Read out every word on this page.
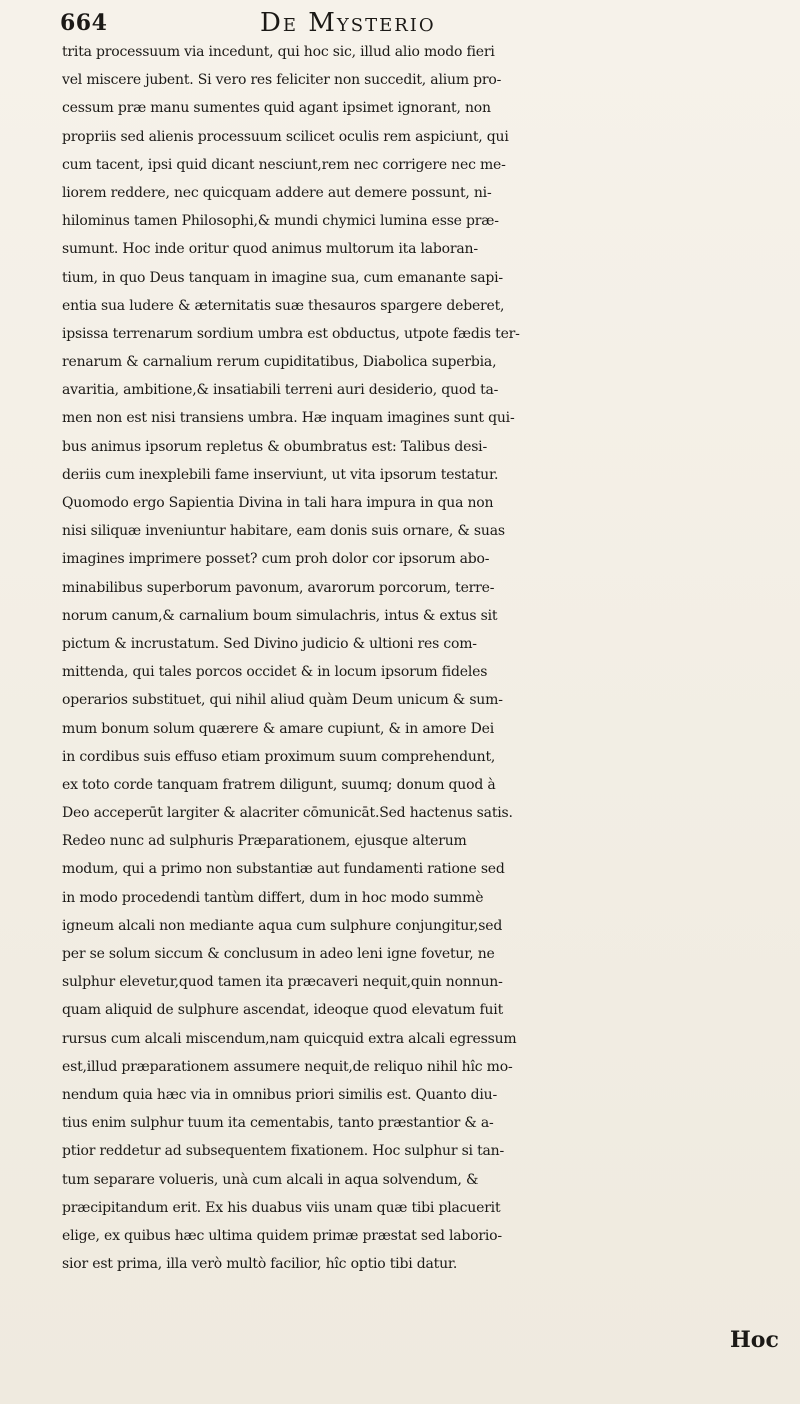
664	De Mysterio
trita processuum via incedunt, qui hoc sic, illud alio modo fieri
vel miscere jubent. Si vero res feliciter non succedit, alium pro-
cessum præ manu sumentes quid agant ipsimet ignorant, non
propriis sed alienis processuum scilicet oculis rem aspiciunt, qui
cum tacent, ipsi quid dicant nesciunt,rem nec corrigere nec me-
liorem reddere, nec quicquam addere aut demere possunt, ni-
hilominus tamen Philosophi,& mundi chymici lumina esse præ-
sumunt. Hoc inde oritur quod animus multorum ita laboran-
tium, in quo Deus tanquam in imagine sua, cum emanante sapi-
entia sua ludere & æternitatis suæ thesauros spargere deberet,
ipsissa terrenarum sordium umbra est obductus, utpote fædis ter-
renarum & carnalium rerum cupiditatibus, Diabolica superbia,
avaritia, ambitione,& insatiabili terreni auri desiderio, quod ta-
men non est nisi transiens umbra. Hæ inquam imagines sunt qui-
bus animus ipsorum repletus & obumbratus est: Talibus desi-
deriis cum inexplebili fame inserviunt, ut vita ipsorum testatur.
Quomodo ergo Sapientia Divina in tali hara impura in qua non
nisi siliquæ inveniuntur habitare, eam donis suis ornare, & suas
imagines imprimere posset? cum proh dolor cor ipsorum abo-
minabilibus superborum pavonum, avarorum porcorum, terre-
norum canum,& carnalium boum simulachris, intus & extus sit
pictum & incrustatum. Sed Divino judicio & ultioni res com-
mittenda, qui tales porcos occidet & in locum ipsorum fideles
operarios substituet, qui nihil aliud quàm Deum unicum & sum-
mum bonum solum quærere & amare cupiunt, & in amore Dei
in cordibus suis effuso etiam proximum suum comprehendunt,
ex toto corde tanquam fratrem diligunt, suumq; donum quod à
Deo acceperūt largiter & alacriter cōmunicāt.Sed hactenus satis.
Redeo nunc ad sulphuris Præparationem, ejusque alterum
modum, qui a primo non substantiæ aut fundamenti ratione sed
in modo procedendi tantùm differt, dum in hoc modo summè
igneum alcali non mediante aqua cum sulphure conjungitur,sed
per se solum siccum & conclusum in adeo leni igne fovetur, ne
sulphur elevetur,quod tamen ita præcaveri nequit,quin nonnun-
quam aliquid de sulphure ascendat, ideoque quod elevatum fuit
rursus cum alcali miscendum,nam quicquid extra alcali egressum
est,illud præparationem assumere nequit,de reliquo nihil hîc mo-
nendum quia hæc via in omnibus priori similis est. Quanto diu-
tius enim sulphur tuum ita cementabis, tanto præstantior & a-
ptior reddetur ad subsequentem fixationem. Hoc sulphur si tan-
tum separare volueris, unà cum alcali in aqua solvendum, &
præcipitandum erit. Ex his duabus viis unam quæ tibi placuerit
elige, ex quibus hæc ultima quidem primæ præstat sed laborio-
sior est prima, illa verò multò facilior, hîc optio tibi datur.
Hoc
